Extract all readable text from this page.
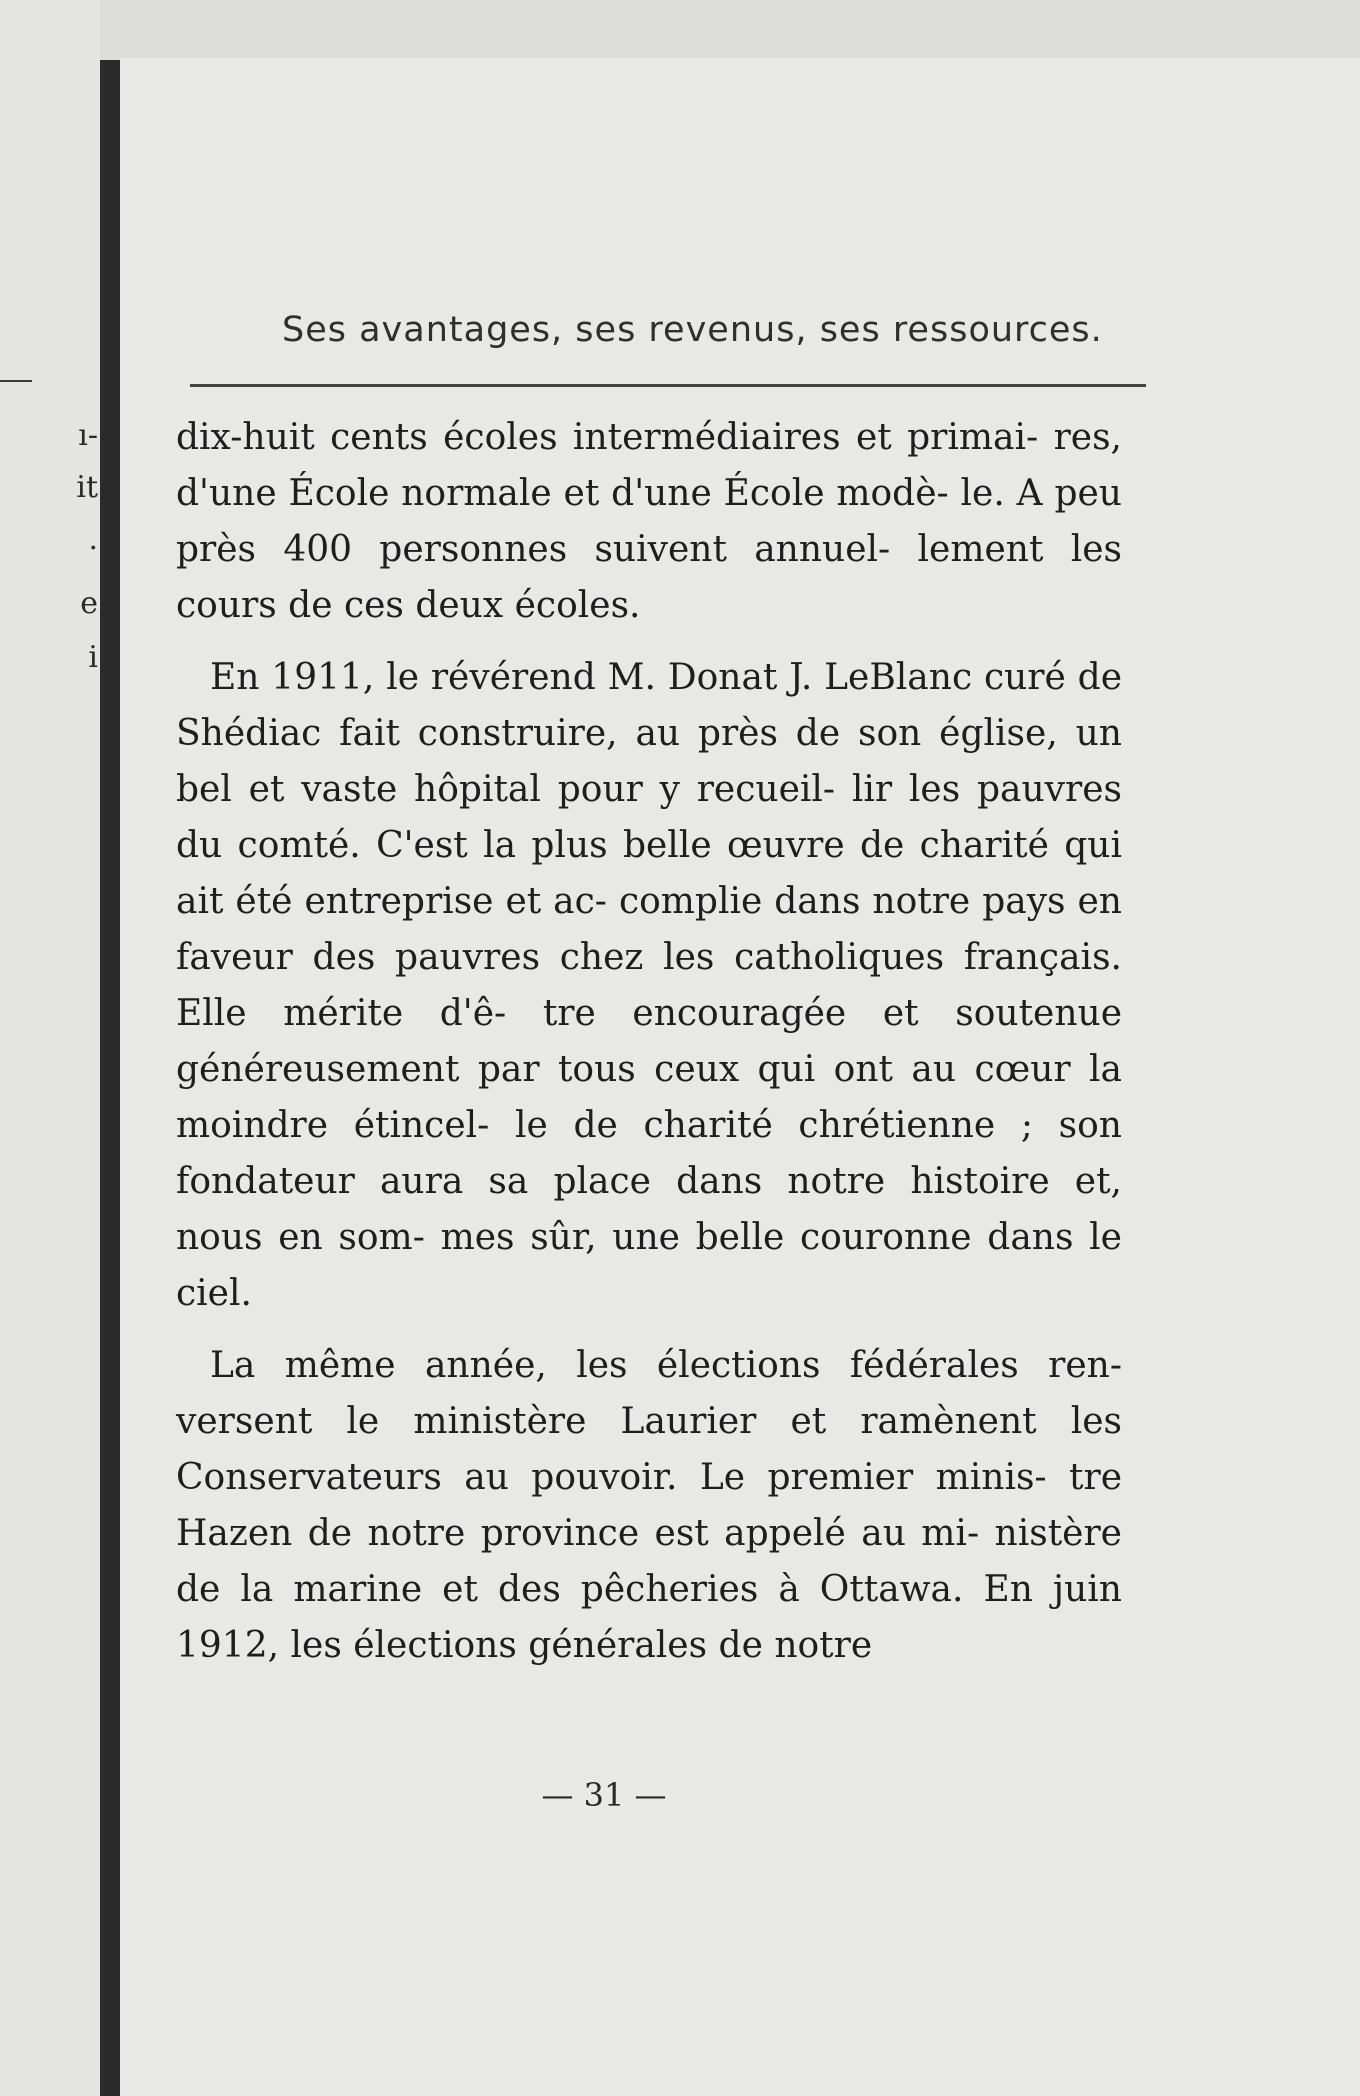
ı-
it
.
e
i
Ses avantages, ses revenus, ses ressources.

dix-huit cents écoles intermédiaires et primai- res, d'une École normale et d'une École modè- le. A peu près 400 personnes suivent annuel- lement les cours de ces deux écoles.

En 1911, le révérend M. Donat J. LeBlanc curé de Shédiac fait construire, au près de son église, un bel et vaste hôpital pour y recueil- lir les pauvres du comté. C'est la plus belle œuvre de charité qui ait été entreprise et ac- complie dans notre pays en faveur des pauvres chez les catholiques français. Elle mérite d'ê- tre encouragée et soutenue généreusement par tous ceux qui ont au cœur la moindre étincel- le de charité chrétienne ; son fondateur aura sa place dans notre histoire et, nous en som- mes sûr, une belle couronne dans le ciel.

La même année, les élections fédérales ren- versent le ministère Laurier et ramènent les Conservateurs au pouvoir. Le premier minis- tre Hazen de notre province est appelé au mi- nistère de la marine et des pêcheries à Ottawa. En juin 1912, les élections générales de notre

— 31 —
